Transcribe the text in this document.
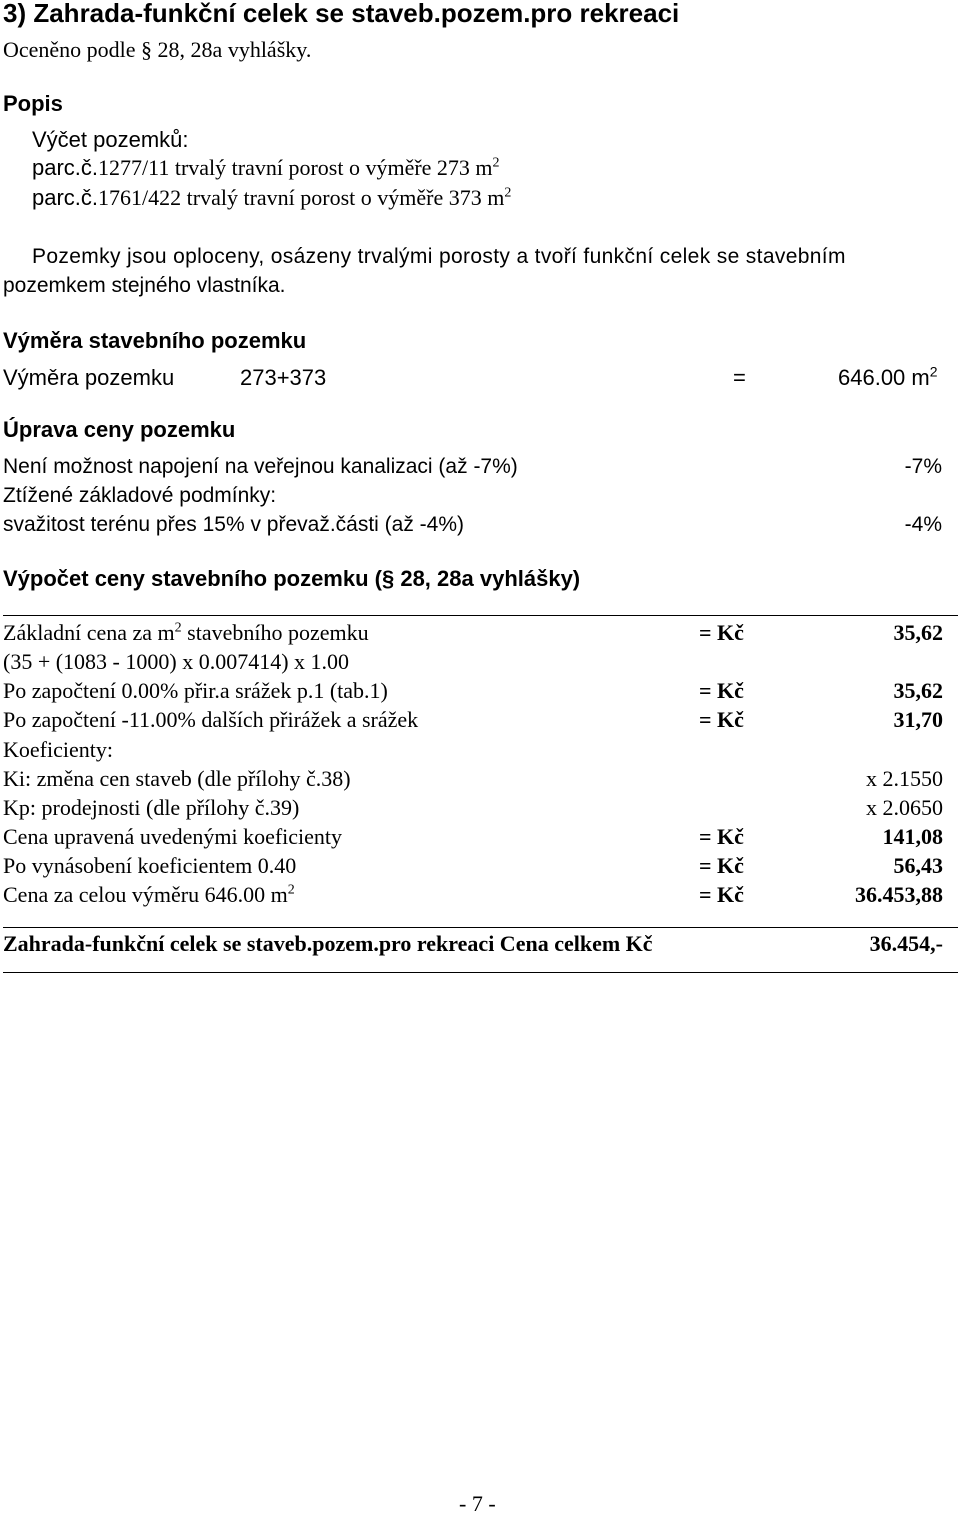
3) Zahrada-funkční celek se staveb.pozem.pro rekreaci
Oceněno podle § 28, 28a vyhlášky.
Popis
Výčet pozemků:
parc.č.1277/11 trvalý travní porost o výměře 273 $m^2$
parc.č.1761/422 trvalý travní porost o výměře 373 $m^2$
Pozemky jsou oploceny, osázeny trvalými porosty a tvoří funkční celek se stavebním
pozemkem stejného vlastníka.
Výměra stavebního pozemku
Výměra pozemku	273+373	=	646.00 $m^2$
Úprava ceny pozemku
Není možnost napojení na veřejnou kanalizaci (až -7%)	-7%
Ztížené základové podmínky:
svažitost terénu přes 15% v převaž.části (až -4%)	-4%
Výpočet ceny stavebního pozemku (§ 28, 28a vyhlášky)
Základní cena za $m^2$ stavebního pozemku	= Kč	35,62
(35 + (1083 - 1000) x 0.007414) x 1.00
Po započtení 0.00% přir.a srážek p.1 (tab.1)	= Kč	35,62
Po započtení -11.00% dalších přirážek a srážek	= Kč	31,70
Koeficienty:
Ki: změna cen staveb (dle přílohy č.38)	x 2.1550
Kp: prodejnosti (dle přílohy č.39)	x 2.0650
Cena upravená uvedenými koeficienty	= Kč	141,08
Po vynásobení koeficientem 0.40	= Kč	56,43
Cena za celou výměru 646.00 $m^2$	= Kč	36.453,88
Zahrada-funkční celek se staveb.pozem.pro rekreaci Cena celkem Kč	36.454,-
- 7 -
